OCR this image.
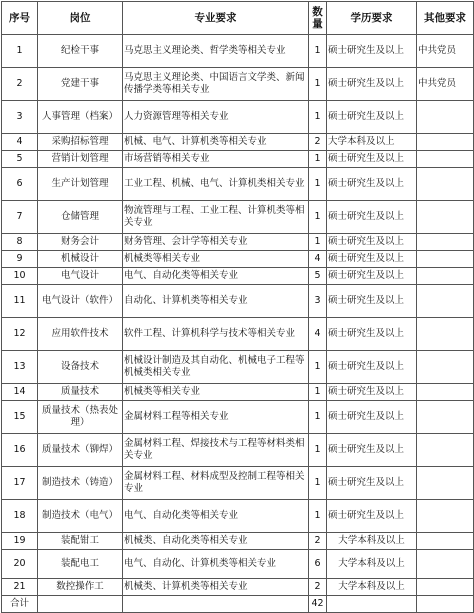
序号	岗位	专业要求	数量	学历要求	其他要求
1	纪检干事	马克思主义理论类、哲学类等相关专业	1	硕士研究生及以上	中共党员
2	党建干事	马克思主义理论类、中国语言文学类、新闻传播学类等相关专业	1	硕士研究生及以上	中共党员
3	人事管理（档案）	人力资源管理等相关专业	1	硕士研究生及以上	
4	采购招标管理	机械、电气、计算机类等相关专业	2	大学本科及以上	
5	营销计划管理	市场营销等相关专业	1	硕士研究生及以上	
6	生产计划管理	工业工程、机械、电气、计算机类相关专业	1	硕士研究生及以上	
7	仓储管理	物流管理与工程、工业工程、计算机类等相关专业	1	硕士研究生及以上	
8	财务会计	财务管理、会计学等相关专业	1	硕士研究生及以上	
9	机械设计	机械类等相关专业	4	硕士研究生及以上	
10	电气设计	电气、自动化类等相关专业	5	硕士研究生及以上	
11	电气设计（软件）	自动化、计算机类等相关专业	3	硕士研究生及以上	
12	应用软件技术	软件工程、计算机科学与技术等相关专业	4	硕士研究生及以上	
13	设备技术	机械设计制造及其自动化、机械电子工程等机械类相关专业	1	硕士研究生及以上	
14	质量技术	机械类等相关专业	1	硕士研究生及以上	
15	质量技术（热表处理）	金属材料工程等相关专业	1	硕士研究生及以上	
16	质量技术（铆焊）	金属材料工程、焊接技术与工程等材料类相关专业	1	硕士研究生及以上	
17	制造技术（铸造）	金属材料工程、材料成型及控制工程等相关专业	1	硕士研究生及以上	
18	制造技术（电气）	电气、自动化类等相关专业	1	硕士研究生及以上	
19	装配钳工	机械类、自动化类等相关专业	2	大学本科及以上	
20	装配电工	电气、自动化、计算机类等相关专业	6	大学本科及以上	
21	数控操作工	机械类、计算机类等相关专业	2	大学本科及以上	
合计			42		
